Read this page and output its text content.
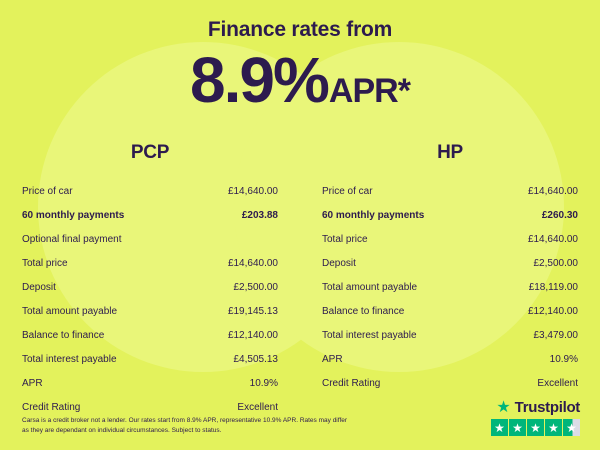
Finance rates from
8.9% APR*
PCP
Price of car	£14,640.00
60 monthly payments	£203.88
Optional final payment
Total price	£14,640.00
Deposit	£2,500.00
Total amount payable	£19,145.13
Balance to finance	£12,140.00
Total interest payable	£4,505.13
APR	10.9%
Credit Rating	Excellent
HP
Price of car	£14,640.00
60 monthly payments	£260.30
Total price	£14,640.00
Deposit	£2,500.00
Total amount payable	£18,119.00
Balance to finance	£12,140.00
Total interest payable	£3,479.00
APR	10.9%
Credit Rating	Excellent
Carsa is a credit broker not a lender. Our rates start from 8.9% APR, representative 10.9% APR. Rates may differ as they are dependant on individual circumstances. Subject to status.
★ Trustpilot
★ ★ ★ ★ ★
